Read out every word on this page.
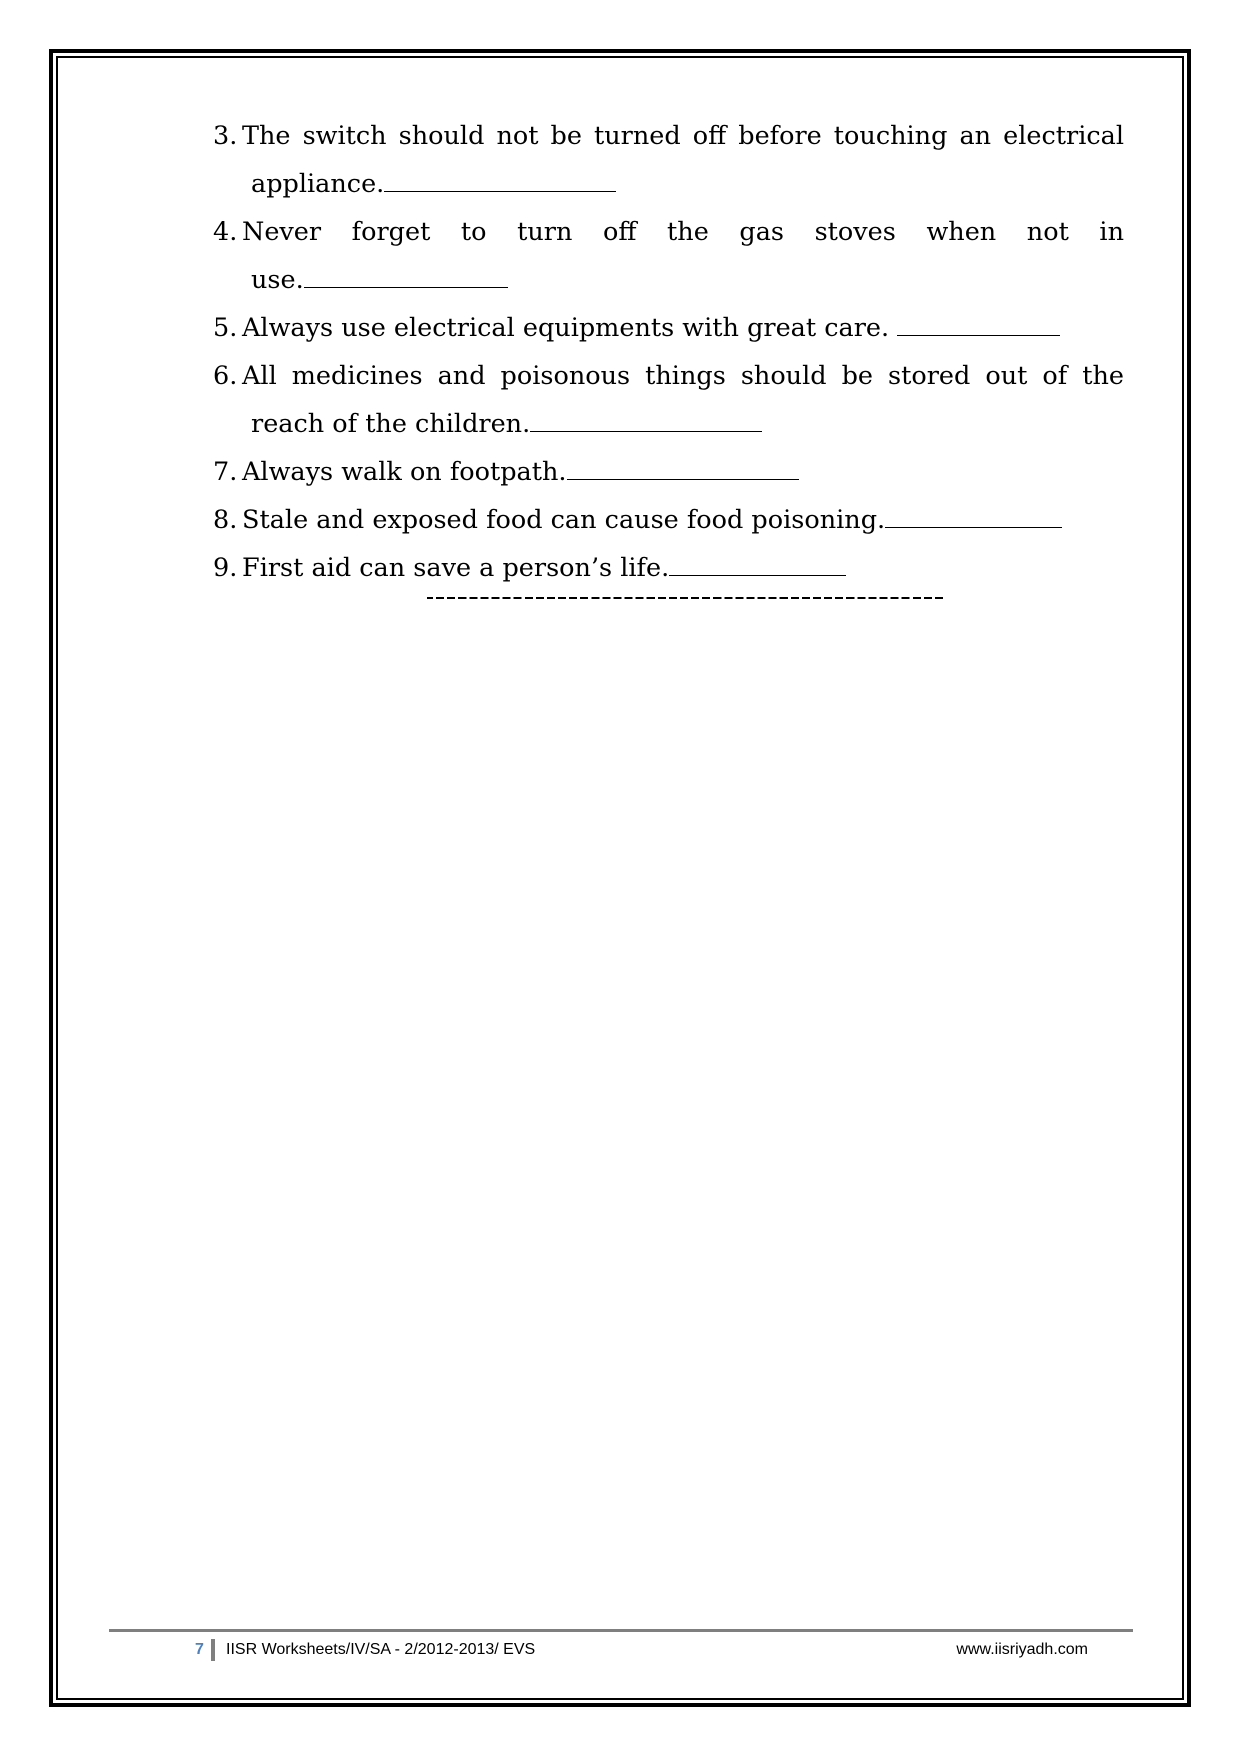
3. The switch should not be turned off before touching an electrical
appliance.
4. Never forget to turn off the gas stoves when not in
use.
5. Always use electrical equipments with great care.
6. All medicines and poisonous things should be stored out of the
reach of the children.
7. Always walk on footpath.
8. Stale and exposed food can cause food poisoning.
9. First aid can save a person’s life.
7 IISR Worksheets/IV/SA - 2/2012-2013/ EVS	www.iisriyadh.com
